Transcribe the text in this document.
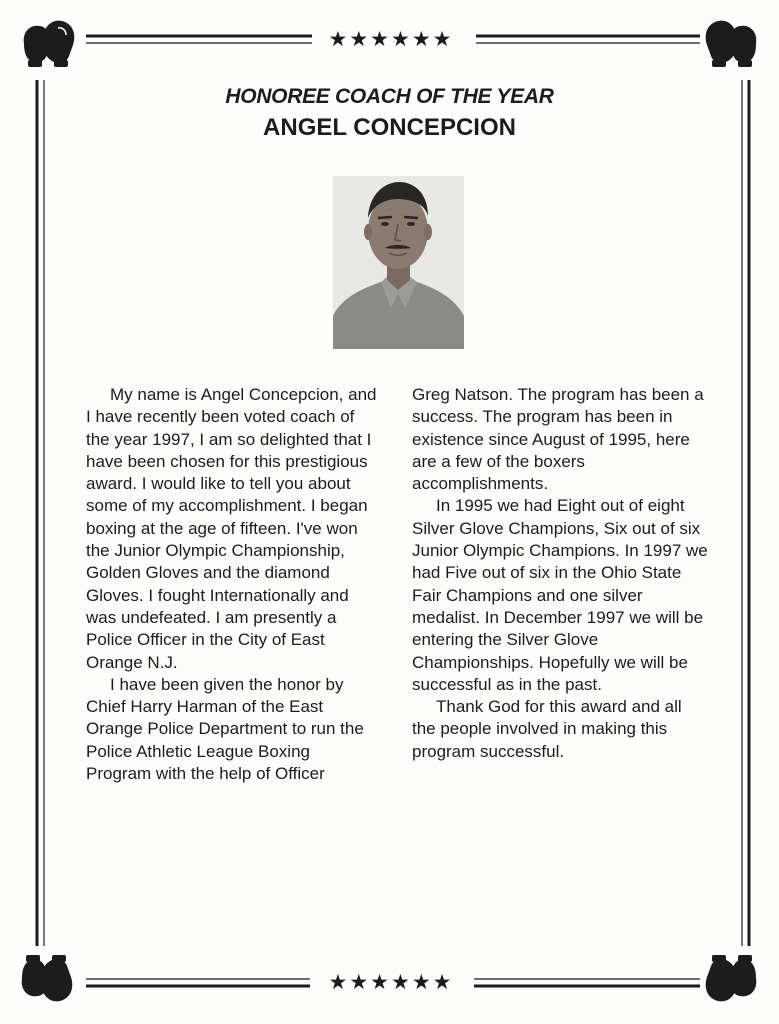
★★★★★★
★★★★★★

HONOREE COACH OF THE YEAR

ANGEL CONCEPCION

My name is Angel Concepcion, and I have recently been voted coach of the year 1997, I am so delighted that I have been chosen for this prestigious award. I would like to tell you about some of my accomplishment. I began boxing at the age of fifteen. I've won the Junior Olympic Championship, Golden Gloves and the diamond Gloves. I fought Internationally and was undefeated. I am presently a Police Officer in the City of East Orange N.J.

I have been given the honor by Chief Harry Harman of the East Orange Police Department to run the Police Athletic League Boxing Program with the help of Officer

Greg Natson. The program has been a success. The program has been in existence since August of 1995, here are a few of the boxers accomplishments.

In 1995 we had Eight out of eight Silver Glove Champions, Six out of six Junior Olympic Champions. In 1997 we had Five out of six in the Ohio State Fair Champions and one silver medalist. In December 1997 we will be entering the Silver Glove Championships. Hopefully we will be successful as in the past.

Thank God for this award and all the people involved in making this program successful.
